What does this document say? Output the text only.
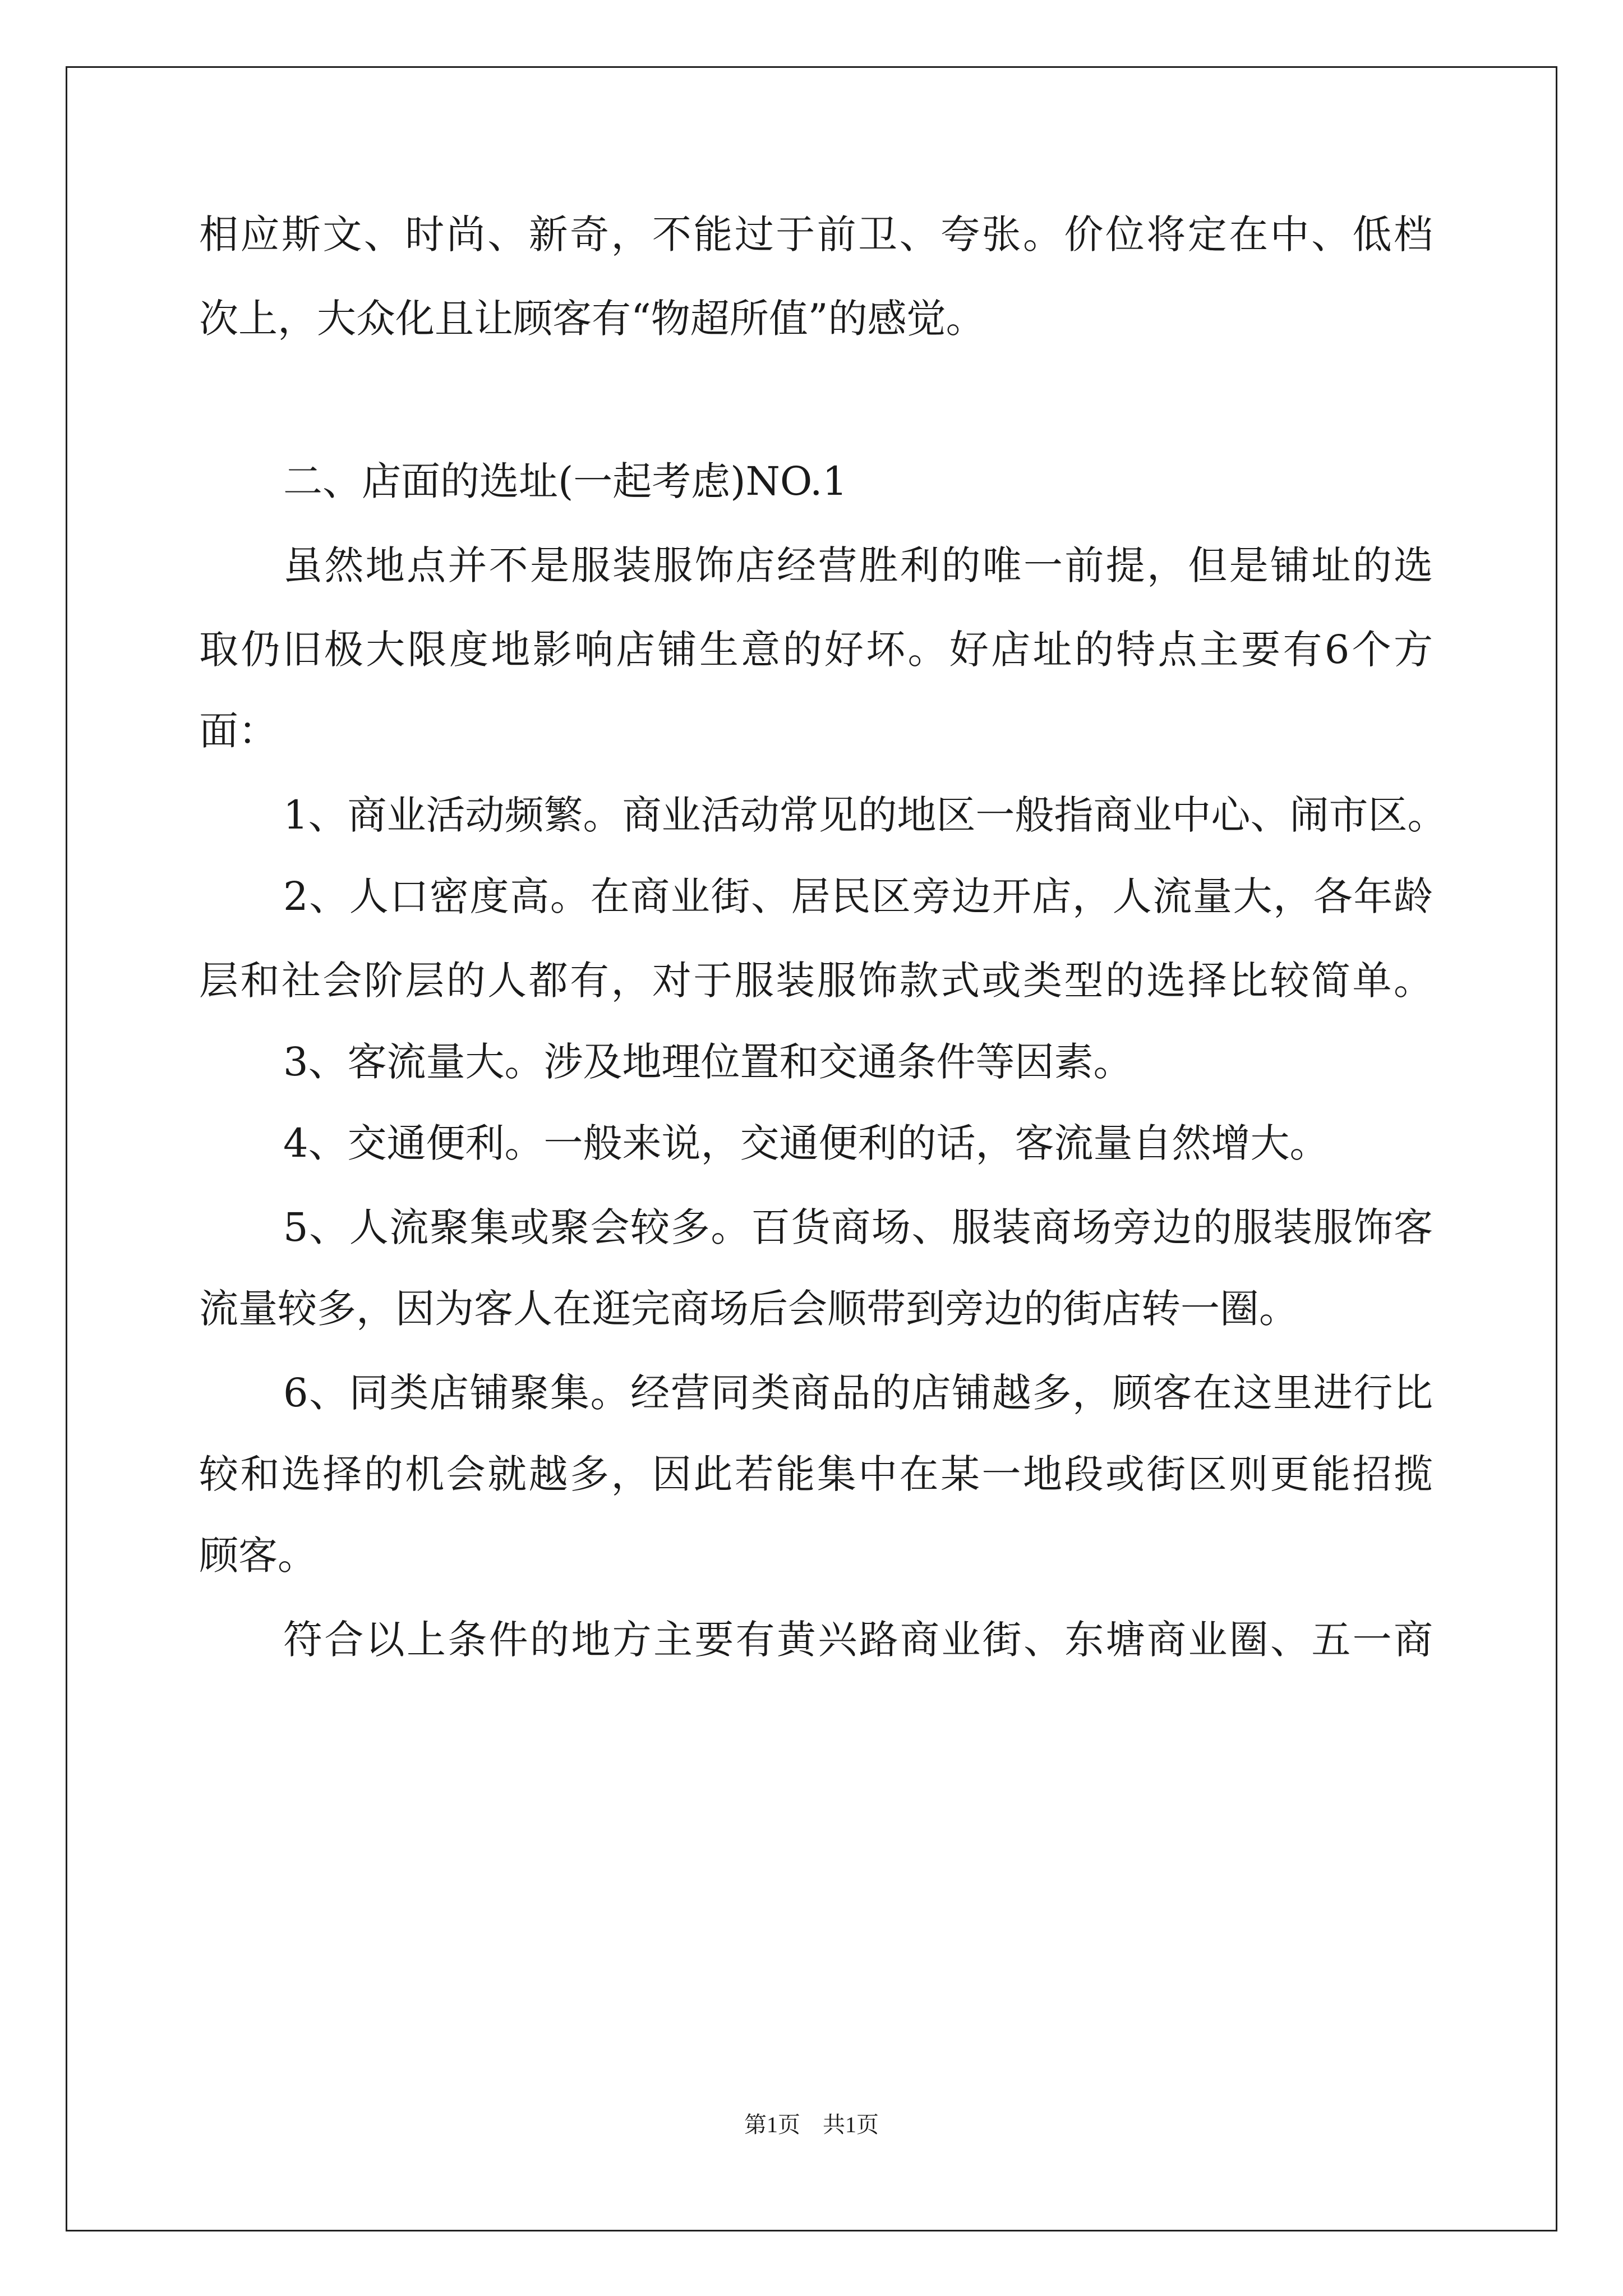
相应斯文、时尚、新奇，不能过于前卫、夸张。价位将定在中、低档
次上，大众化且让顾客有“物超所值”的感觉。
二、店面的选址(一起考虑)NO.1
虽然地点并不是服装服饰店经营胜利的唯一前提，但是铺址的选
取仍旧极大限度地影响店铺生意的好坏。好店址的特点主要有6个方
面：
1、商业活动频繁。商业活动常见的地区一般指商业中心、闹市区。
2、人口密度高。在商业街、居民区旁边开店，人流量大，各年龄
层和社会阶层的人都有，对于服装服饰款式或类型的选择比较简单。
3、客流量大。涉及地理位置和交通条件等因素。
4、交通便利。一般来说，交通便利的话，客流量自然增大。
5、人流聚集或聚会较多。百货商场、服装商场旁边的服装服饰客
流量较多，因为客人在逛完商场后会顺带到旁边的街店转一圈。
6、同类店铺聚集。经营同类商品的店铺越多，顾客在这里进行比
较和选择的机会就越多，因此若能集中在某一地段或街区则更能招揽
顾客。
符合以上条件的地方主要有黄兴路商业街、东塘商业圈、五一商
第1页　共1页
